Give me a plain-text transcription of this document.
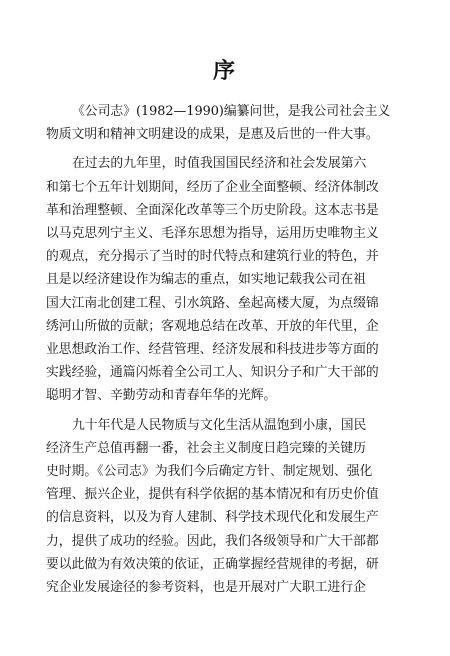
序
《公司志》(1982—1990)编纂问世，是我公司社会主义
物质文明和精神文明建设的成果，是惠及后世的一件大事。
在过去的九年里，时值我国国民经济和社会发展第六
和第七个五年计划期间，经历了企业全面整顿、经济体制改
革和治理整顿、全面深化改革等三个历史阶段。这本志书是
以马克思列宁主义、毛泽东思想为指导，运用历史唯物主义
的观点，充分揭示了当时的时代特点和建筑行业的特色，并
且是以经济建设作为编志的重点，如实地记载我公司在祖
国大江南北创建工程、引水筑路、垒起高楼大厦，为点缀锦
绣河山所做的贡献；客观地总结在改革、开放的年代里，企
业思想政治工作、经营管理、经济发展和科技进步等方面的
实践经验，通篇闪烁着全公司工人、知识分子和广大干部的
聪明才智、辛勤劳动和青春年华的光辉。
九十年代是人民物质与文化生活从温饱到小康，国民
经济生产总值再翻一番，社会主义制度日趋完臻的关键历
史时期。《公司志》为我们今后确定方针、制定规划、强化
管理、振兴企业，提供有科学依据的基本情况和有历史价值
的信息资料，以及为育人建制、科学技术现代化和发展生产
力，提供了成功的经验。因此，我们各级领导和广大干部都
要以此做为有效决策的依证，正确掌握经营规律的考据，研
究企业发展途径的参考资料，也是开展对广大职工进行企
